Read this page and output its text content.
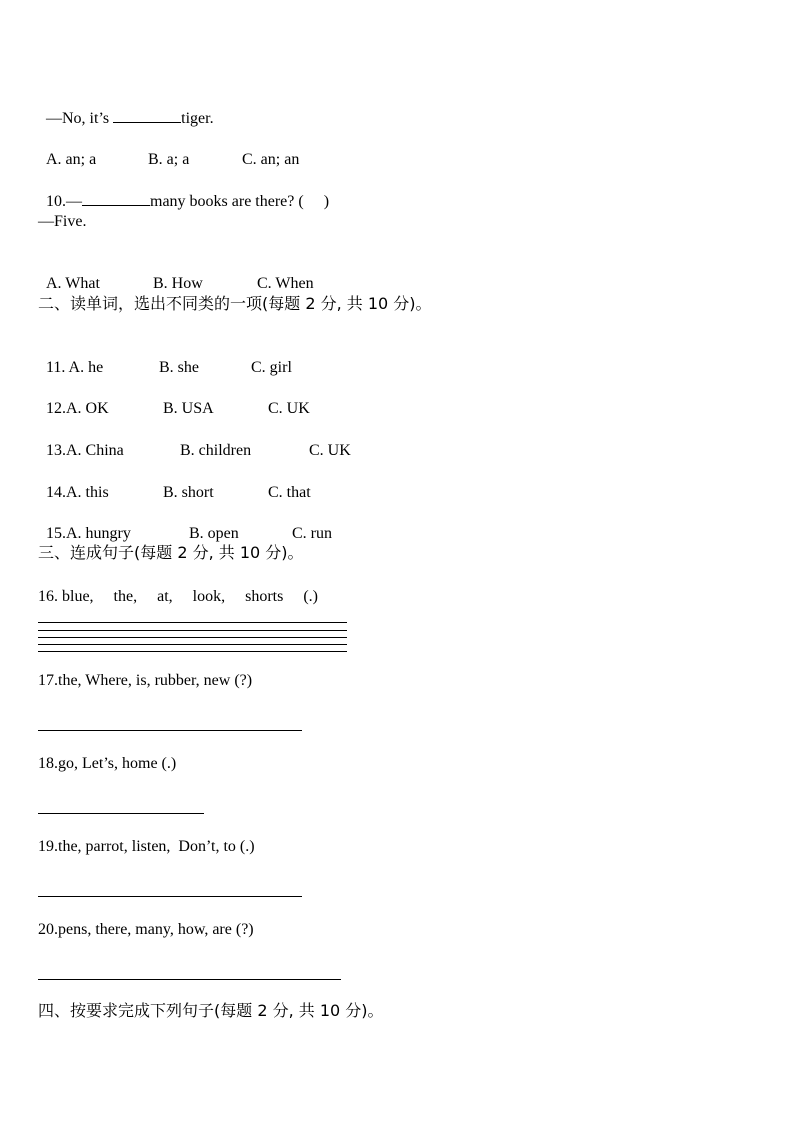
—No, it’s	tiger.

A. an; a	B. a; a	C. an; an

10.—	many books are there? (     )

—Five.

A. What	B. How	C. When

二、读单词，选出不同类的一项(每题 2 分, 共 10 分)。

11. A. he	B. she	C. girl

12.A. OK	B. USA	C. UK

13.A. China	B. children	C. UK

14.A. this	B. short	C. that

15.A. hungry	B. open	C. run

三、连成句子(每题 2 分, 共 10 分)。
16. blue,     the,     at,     look,     shorts     (.)
17.the, Where, is, rubber, new (?)
18.go, Let’s, home (.)
19.the, parrot, listen,  Don’t, to (.)
20.pens, there, many, how, are (?)
四、按要求完成下列句子(每题 2 分, 共 10 分)。
